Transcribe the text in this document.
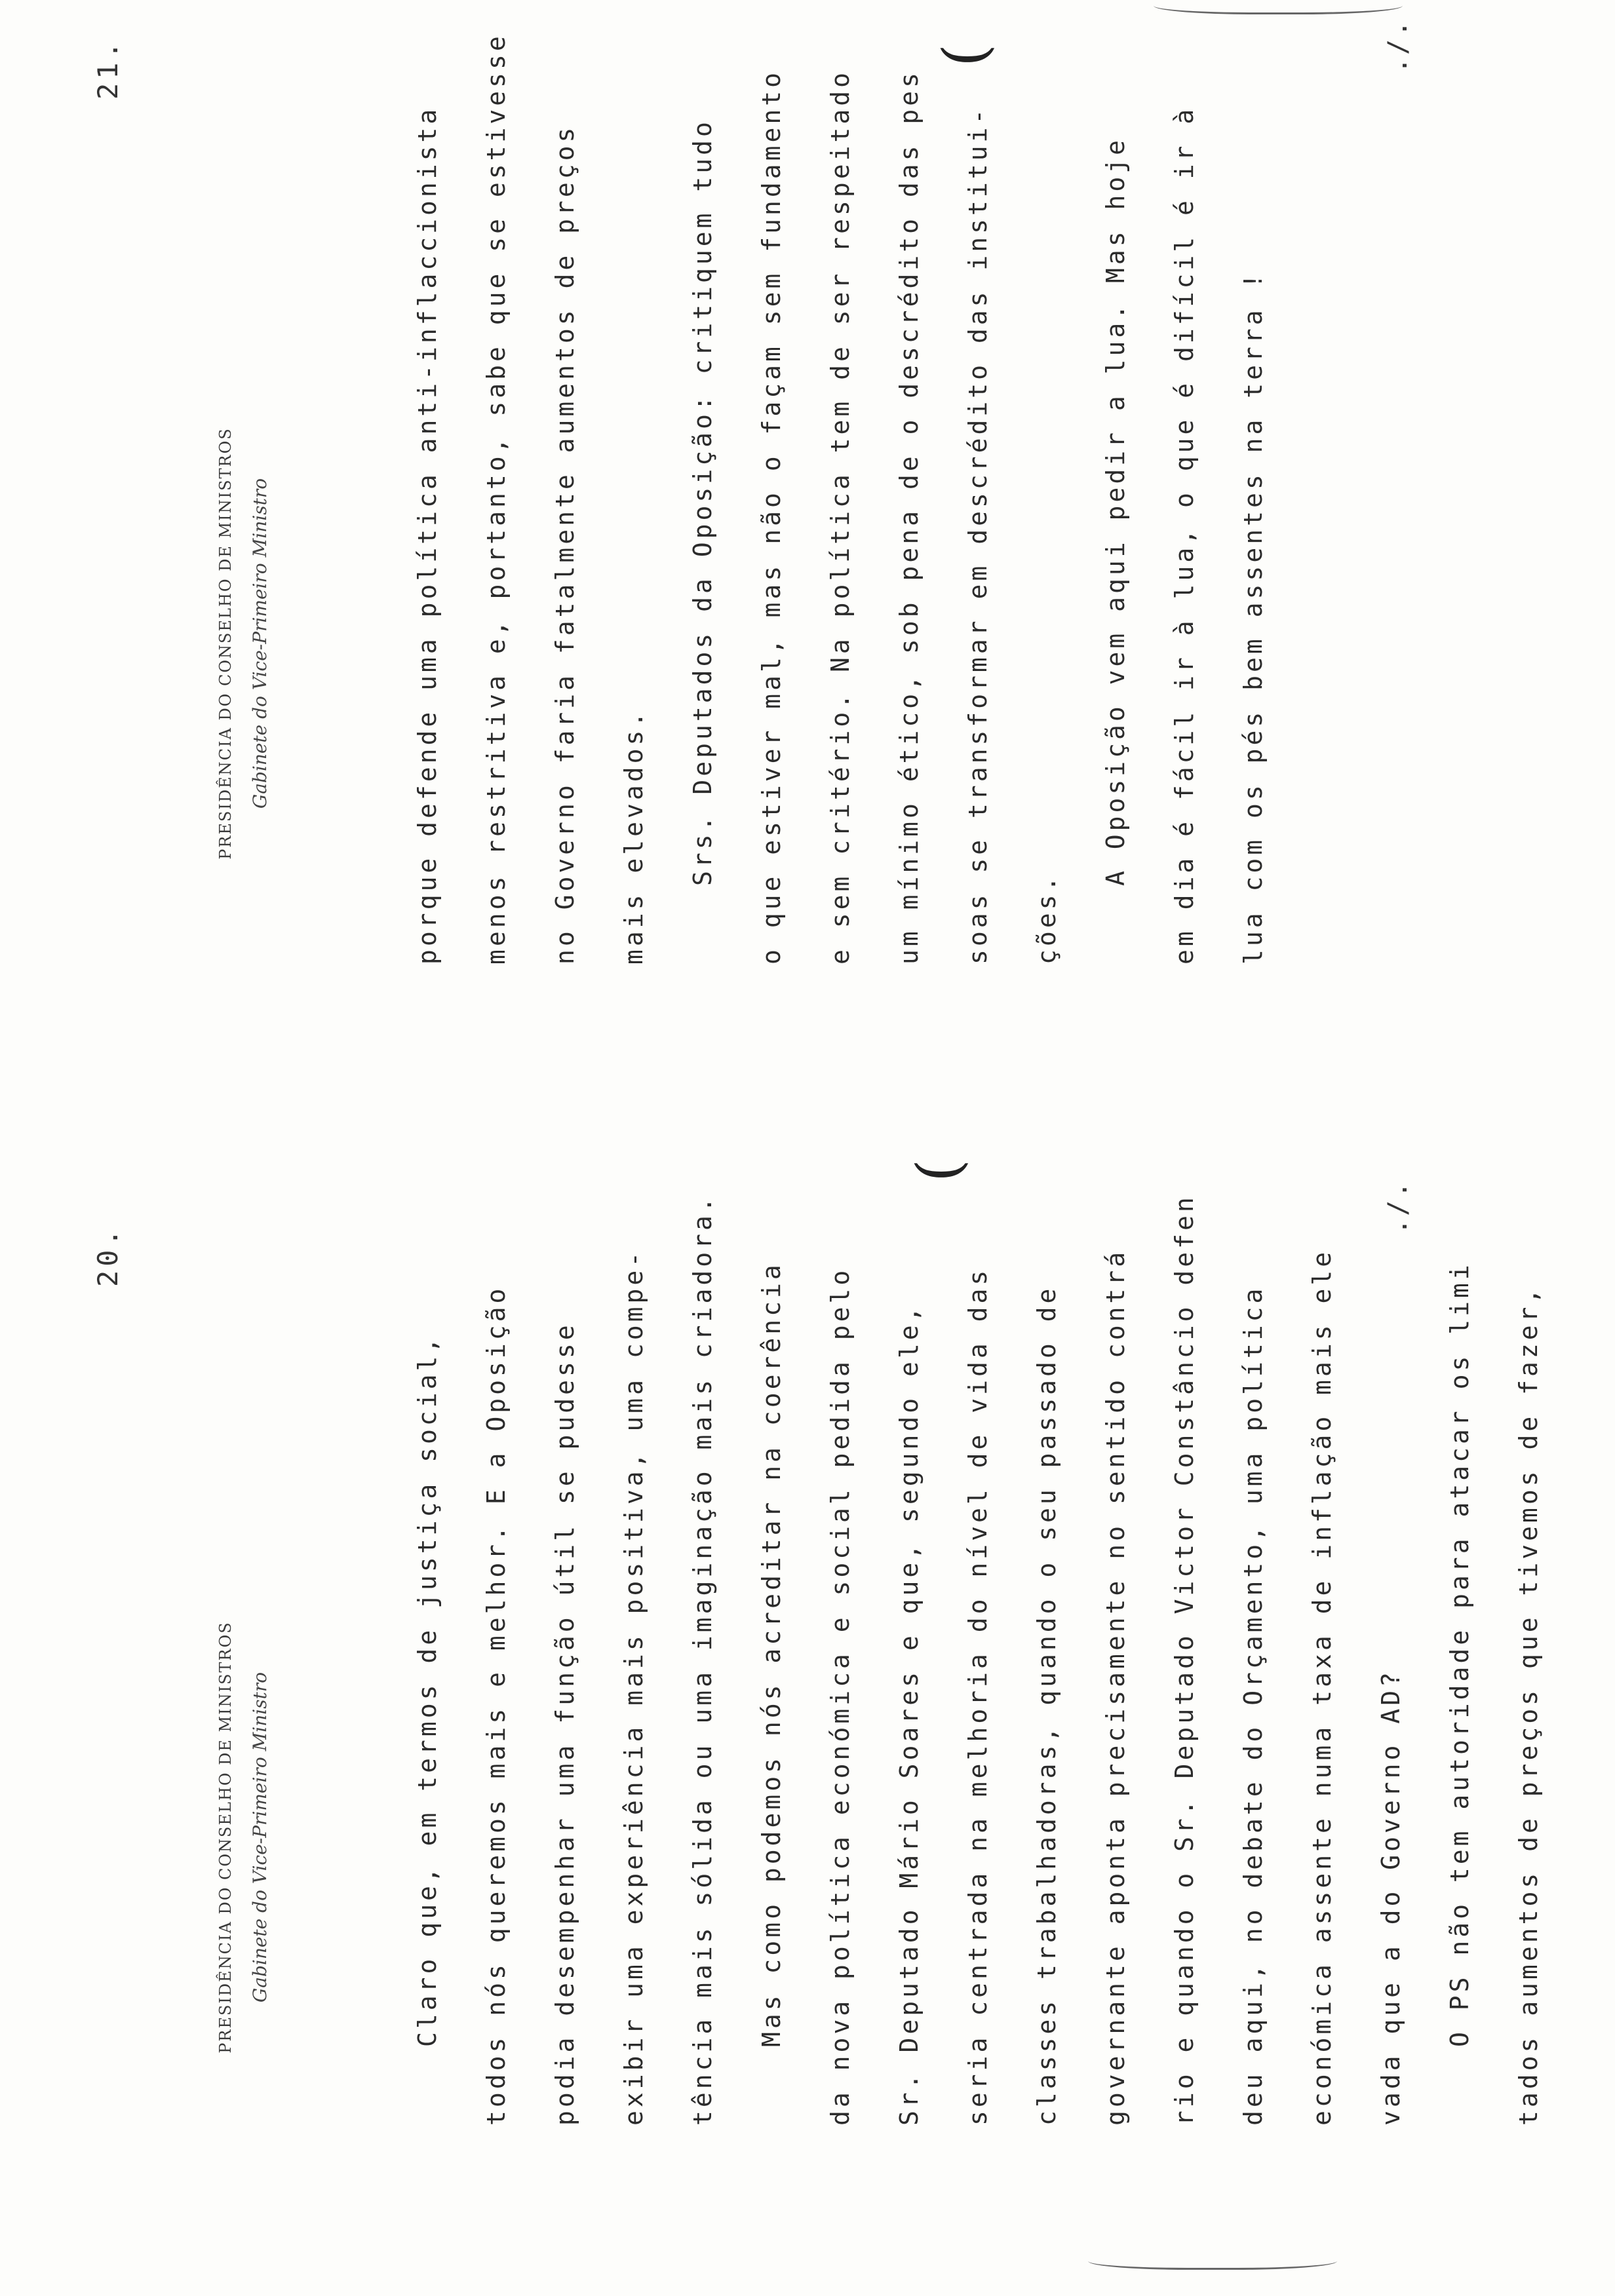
20.
PRESIDÊNCIA DO CONSELHO DE MINISTROS Gabinete do Vice-Primeiro Ministro	Claro que, em termos de justiça social,	todos nós queremos mais e melhor. E a Oposição	podia desempenhar uma função útil se pudesse	exibir uma experiência mais positiva, uma compe-	tência mais sólida ou uma imaginação mais criadora.	Mas como podemos nós acreditar na coerência	da nova política económica e social pedida pelo	Sr. Deputado Mário Soares e que, segundo ele,	seria centrada na melhoria do nível de vida das	classes trabalhadoras, quando o seu passado de	governante aponta precisamente no sentido contrá	rio e quando o Sr. Deputado Victor Constâncio defen	deu aqui, no debate do Orçamento, uma política	económica assente numa taxa de inflação mais ele	vada que a do Governo AD?	O PS não tem autoridade para atacar os limi	tados aumentos de preços que tivemos de fazer,
(
./.
21.
PRESIDÊNCIA DO CONSELHO DE MINISTROS Gabinete do Vice-Primeiro Ministro	porque defende uma política anti-inflaccionista	menos restritiva e, portanto, sabe que se estivesse	no Governo faria fatalmente aumentos de preços	mais elevados.	Srs. Deputados da Oposição: critiquem tudo	o que estiver mal, mas não o façam sem fundamento	e sem critério. Na política tem de ser respeitado	um mínimo ético, sob pena de o descrédito das pes	soas se transformar em descrédito das institui-	ções.
A Oposição vem aqui pedir a lua. Mas hoje	em dia é fácil ir à lua, o que é difícil é ir à	lua com os pés bem assentes na terra !
(	./.
